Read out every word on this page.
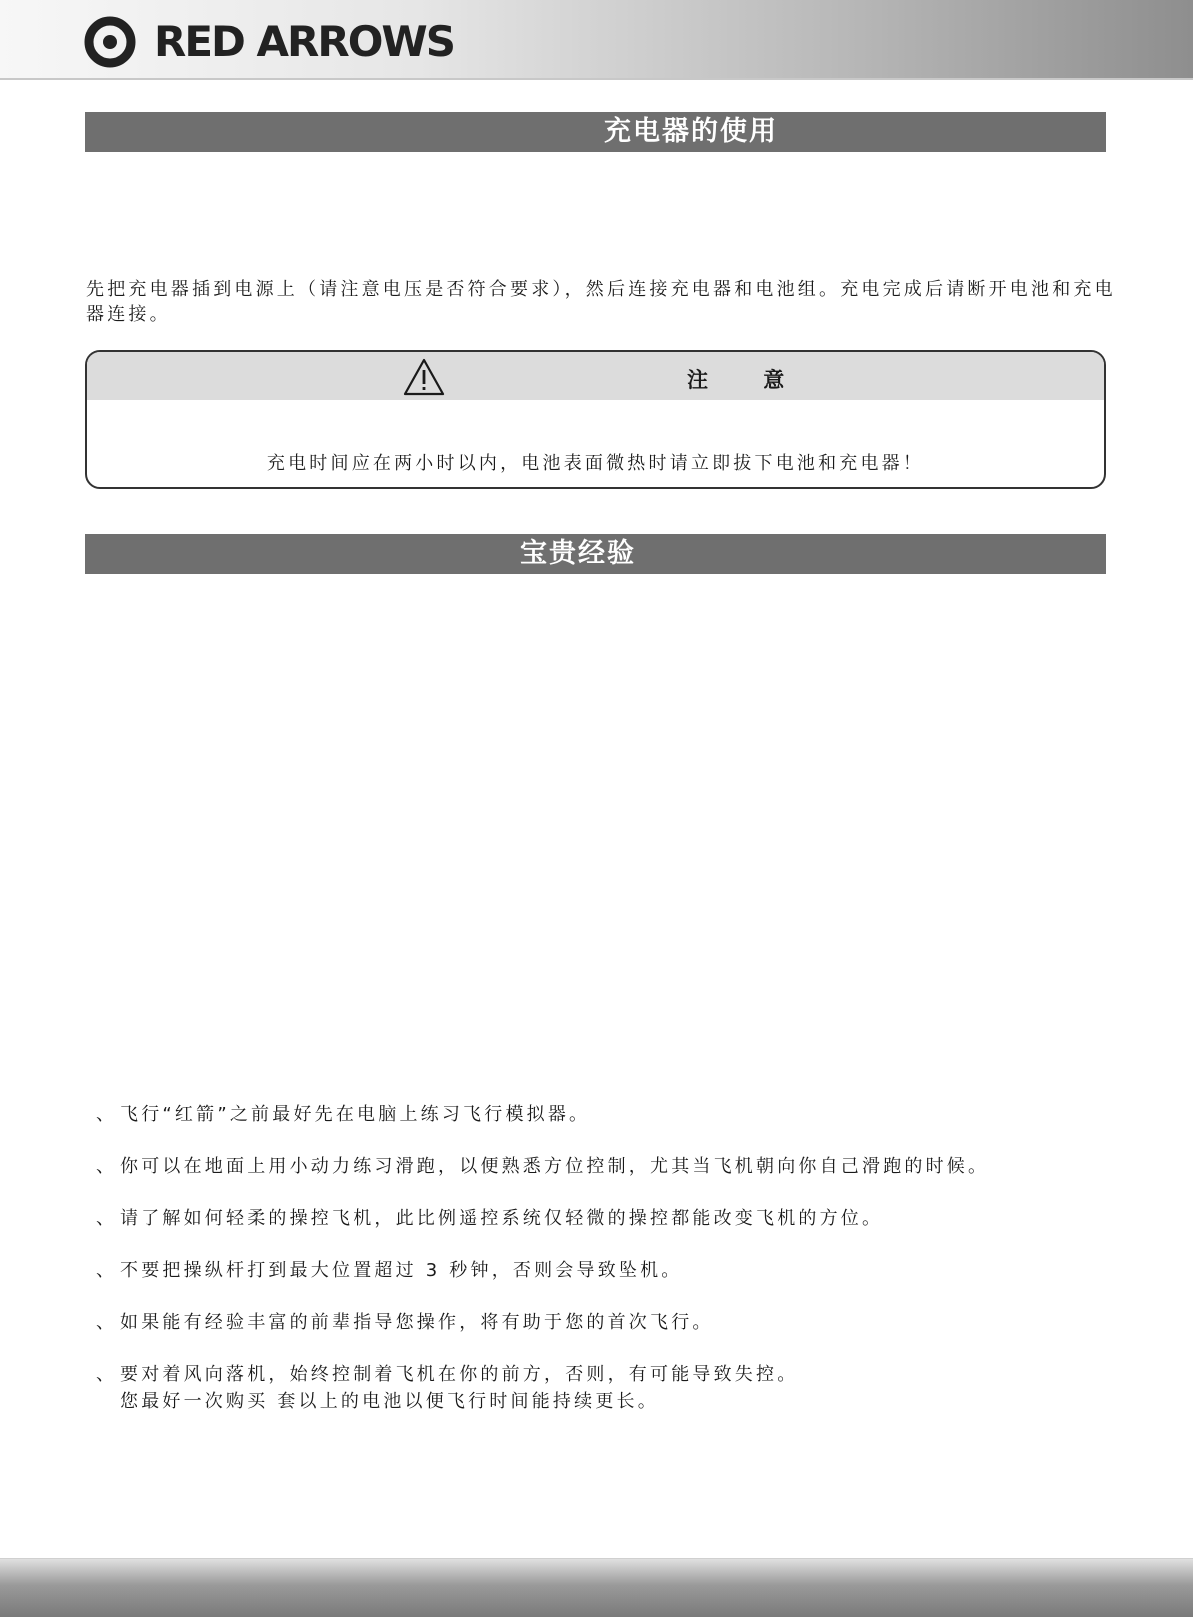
RED ARROWS
充电器的使用

先把充电器插到电源上（请注意电压是否符合要求），然后连接充电器和电池组。充电完成后请断开电池和充电器连接。

注 意

充电时间应在两小时以内，电池表面微热时请立即拔下电池和充电器！

宝贵经验
、 飞行“红箭”之前最好先在电脑上练习飞行模拟器。
、 你可以在地面上用小动力练习滑跑，以便熟悉方位控制，尤其当飞机朝向你自己滑跑的时候。
、 请了解如何轻柔的操控飞机，此比例遥控系统仅轻微的操控都能改变飞机的方位。
、 不要把操纵杆打到最大位置超过 3 秒钟，否则会导致坠机。
、 如果能有经验丰富的前辈指导您操作，将有助于您的首次飞行。
、 要对着风向落机，始终控制着飞机在你的前方，否则，有可能导致失控。
您最好一次购买 套以上的电池以便飞行时间能持续更长。
